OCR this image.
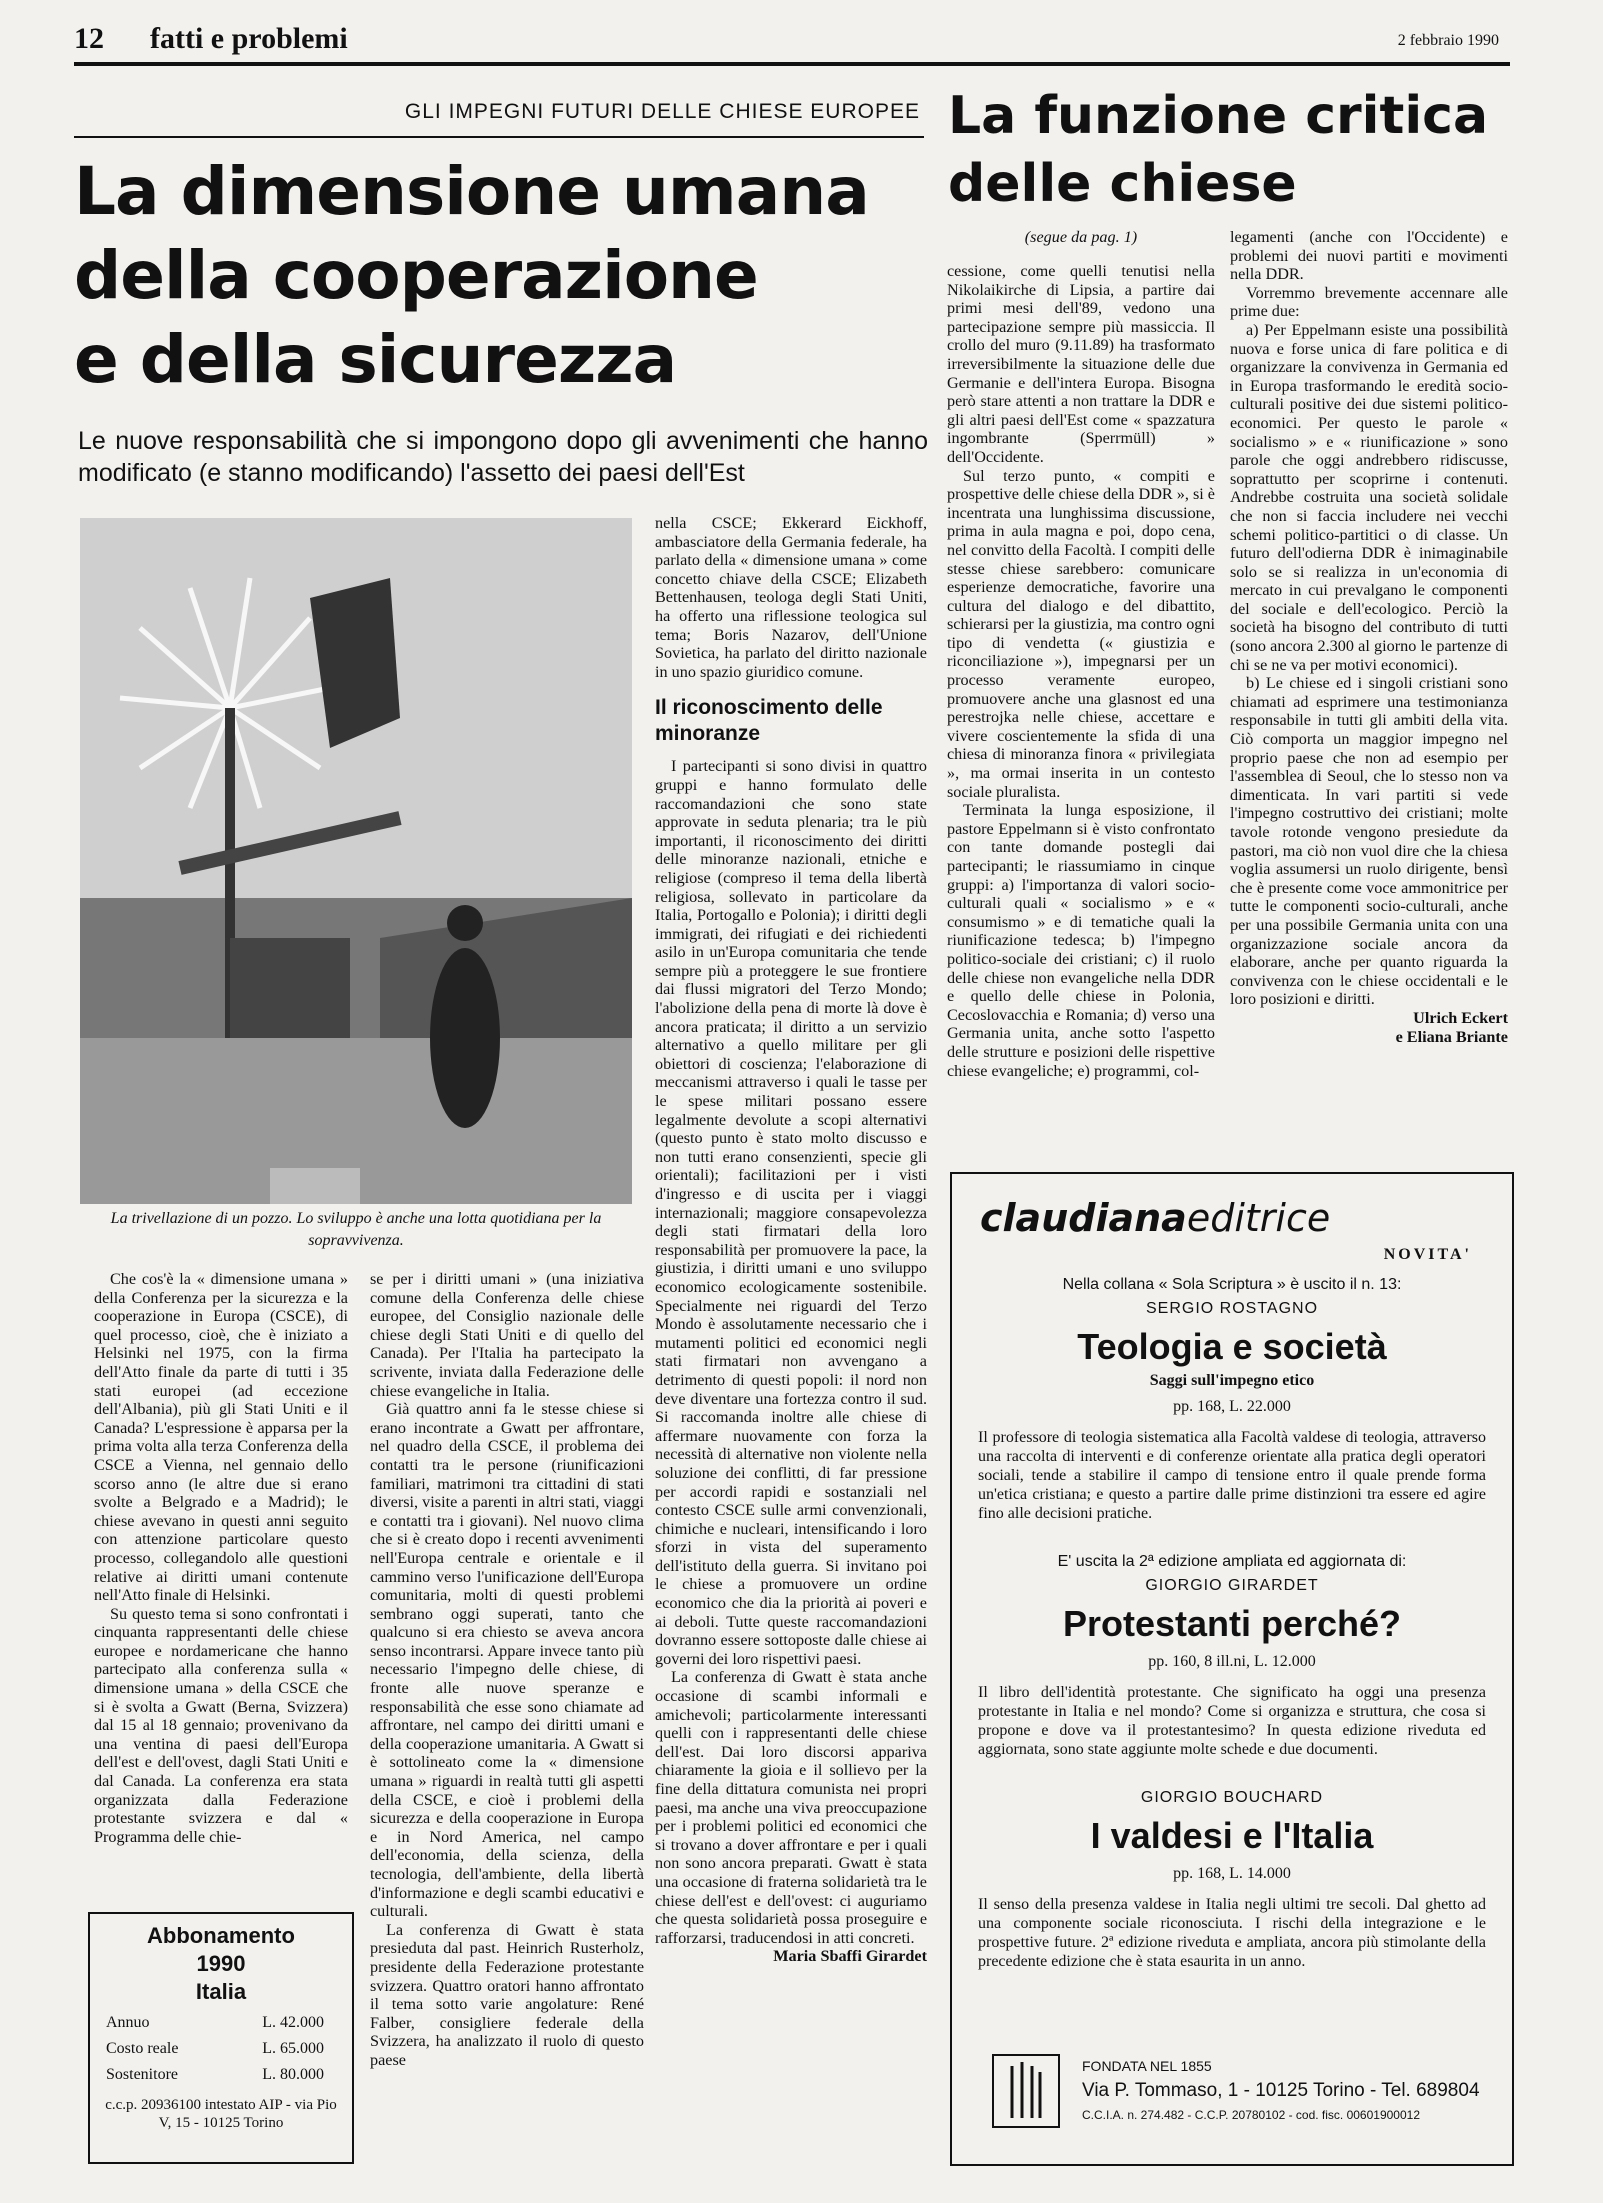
12 fatti e problemi	2 febbraio 1990
GLI IMPEGNI FUTURI DELLE CHIESE EUROPEE
La dimensione umana
della cooperazione
e della sicurezza
Le nuove responsabilità che si impongono dopo gli avvenimenti che hanno modificato (e stanno modificando) l'assetto dei paesi dell'Est
La funzione critica
delle chiese
La trivellazione di un pozzo. Lo sviluppo è anche una lotta quotidiana per la sopravvivenza.

Che cos'è la « dimensione umana » della Conferenza per la sicurezza e la cooperazione in Europa (CSCE), di quel processo, cioè, che è iniziato a Helsinki nel 1975, con la firma dell'Atto finale da parte di tutti i 35 stati europei (ad eccezione dell'Albania), più gli Stati Uniti e il Canada? L'espressione è apparsa per la prima volta alla terza Conferenza della CSCE a Vienna, nel gennaio dello scorso anno (le altre due si erano svolte a Belgrado e a Madrid); le chiese avevano in questi anni seguito con attenzione particolare questo processo, collegandolo alle questioni relative ai diritti umani contenute nell'Atto finale di Helsinki.

Su questo tema si sono confrontati i cinquanta rappresentanti delle chiese europee e nordamericane che hanno partecipato alla conferenza sulla « dimensione umana » della CSCE che si è svolta a Gwatt (Berna, Svizzera) dal 15 al 18 gennaio; provenivano da una ventina di paesi dell'Europa dell'est e dell'ovest, dagli Stati Uniti e dal Canada. La conferenza era stata organizzata dalla Federazione protestante svizzera e dal « Programma delle chie-

se per i diritti umani » (una iniziativa comune della Conferenza delle chiese europee, del Consiglio nazionale delle chiese degli Stati Uniti e di quello del Canada). Per l'Italia ha partecipato la scrivente, inviata dalla Federazione delle chiese evangeliche in Italia.

Già quattro anni fa le stesse chiese si erano incontrate a Gwatt per affrontare, nel quadro della CSCE, il problema dei contatti tra le persone (riunificazioni familiari, matrimoni tra cittadini di stati diversi, visite a parenti in altri stati, viaggi e contatti tra i giovani). Nel nuovo clima che si è creato dopo i recenti avvenimenti nell'Europa centrale e orientale e il cammino verso l'unificazione dell'Europa comunitaria, molti di questi problemi sembrano oggi superati, tanto che qualcuno si era chiesto se aveva ancora senso incontrarsi. Appare invece tanto più necessario l'impegno delle chiese, di fronte alle nuove speranze e responsabilità che esse sono chiamate ad affrontare, nel campo dei diritti umani e della cooperazione umanitaria. A Gwatt si è sottolineato come la « dimensione umana » riguardi in realtà tutti gli aspetti della CSCE, e cioè i problemi della sicurezza e della cooperazione in Europa e in Nord America, nel campo dell'economia, della scienza, della tecnologia, dell'ambiente, della libertà d'informazione e degli scambi educativi e culturali.

La conferenza di Gwatt è stata presieduta dal past. Heinrich Rusterholz, presidente della Federazione protestante svizzera. Quattro oratori hanno affrontato il tema sotto varie angolature: René Falber, consigliere federale della Svizzera, ha analizzato il ruolo di questo paese

nella CSCE; Ekkerard Eickhoff, ambasciatore della Germania federale, ha parlato della « dimensione umana » come concetto chiave della CSCE; Elizabeth Bettenhausen, teologa degli Stati Uniti, ha offerto una riflessione teologica sul tema; Boris Nazarov, dell'Unione Sovietica, ha parlato del diritto nazionale in uno spazio giuridico comune.

Il riconoscimento delle minoranze

I partecipanti si sono divisi in quattro gruppi e hanno formulato delle raccomandazioni che sono state approvate in seduta plenaria; tra le più importanti, il riconoscimento dei diritti delle minoranze nazionali, etniche e religiose (compreso il tema della libertà religiosa, sollevato in particolare da Italia, Portogallo e Polonia); i diritti degli immigrati, dei rifugiati e dei richiedenti asilo in un'Europa comunitaria che tende sempre più a proteggere le sue frontiere dai flussi migratori del Terzo Mondo; l'abolizione della pena di morte là dove è ancora praticata; il diritto a un servizio alternativo a quello militare per gli obiettori di coscienza; l'elaborazione di meccanismi attraverso i quali le tasse per le spese militari possano essere legalmente devolute a scopi alternativi (questo punto è stato molto discusso e non tutti erano consenzienti, specie gli orientali); facilitazioni per i visti d'ingresso e di uscita per i viaggi internazionali; maggiore consapevolezza degli stati firmatari della loro responsabilità per promuovere la pace, la giustizia, i diritti umani e uno sviluppo economico ecologicamente sostenibile. Specialmente nei riguardi del Terzo Mondo è assolutamente necessario che i mutamenti politici ed economici negli stati firmatari non avvengano a detrimento di questi popoli: il nord non deve diventare una fortezza contro il sud. Si raccomanda inoltre alle chiese di affermare nuovamente con forza la necessità di alternative non violente nella soluzione dei conflitti, di far pressione per accordi rapidi e sostanziali nel contesto CSCE sulle armi convenzionali, chimiche e nucleari, intensificando i loro sforzi in vista del superamento dell'istituto della guerra. Si invitano poi le chiese a promuovere un ordine economico che dia la priorità ai poveri e ai deboli. Tutte queste raccomandazioni dovranno essere sottoposte dalle chiese ai governi dei loro rispettivi paesi.

La conferenza di Gwatt è stata anche occasione di scambi informali e amichevoli; particolarmente interessanti quelli con i rappresentanti delle chiese dell'est. Dai loro discorsi appariva chiaramente la gioia e il sollievo per la fine della dittatura comunista nei propri paesi, ma anche una viva preoccupazione per i problemi politici ed economici che si trovano a dover affrontare e per i quali non sono ancora preparati. Gwatt è stata una occasione di fraterna solidarietà tra le chiese dell'est e dell'ovest: ci auguriamo che questa solidarietà possa proseguire e rafforzarsi, traducendosi in atti concreti.

Maria Sbaffi Girardet
Abbonamento
1990
Italia
Annuo	L. 42.000
Costo reale	L. 65.000
Sostenitore	L. 80.000
c.c.p. 20936100 intestato AIP - via Pio V, 15 - 10125 Torino
(segue da pag. 1)

cessione, come quelli tenutisi nella Nikolaikirche di Lipsia, a partire dai primi mesi dell'89, vedono una partecipazione sempre più massiccia. Il crollo del muro (9.11.89) ha trasformato irreversibilmente la situazione delle due Germanie e dell'intera Europa. Bisogna però stare attenti a non trattare la DDR e gli altri paesi dell'Est come « spazzatura ingombrante (Sperrmüll) » dell'Occidente.

Sul terzo punto, « compiti e prospettive delle chiese della DDR », si è incentrata una lunghissima discussione, prima in aula magna e poi, dopo cena, nel convitto della Facoltà. I compiti delle stesse chiese sarebbero: comunicare esperienze democratiche, favorire una cultura del dialogo e del dibattito, schierarsi per la giustizia, ma contro ogni tipo di vendetta (« giustizia e riconciliazione »), impegnarsi per un processo veramente europeo, promuovere anche una glasnost ed una perestrojka nelle chiese, accettare e vivere coscientemente la sfida di una chiesa di minoranza finora « privilegiata », ma ormai inserita in un contesto sociale pluralista.

Terminata la lunga esposizione, il pastore Eppelmann si è visto confrontato con tante domande postegli dai partecipanti; le riassumiamo in cinque gruppi: a) l'importanza di valori socio-culturali quali « socialismo » e « consumismo » e di tematiche quali la riunificazione tedesca; b) l'impegno politico-sociale dei cristiani; c) il ruolo delle chiese non evangeliche nella DDR e quello delle chiese in Polonia, Cecoslovacchia e Romania; d) verso una Germania unita, anche sotto l'aspetto delle strutture e posizioni delle rispettive chiese evangeliche; e) programmi, col-

legamenti (anche con l'Occidente) e problemi dei nuovi partiti e movimenti nella DDR.

Vorremmo brevemente accennare alle prime due:

a) Per Eppelmann esiste una possibilità nuova e forse unica di fare politica e di organizzare la convivenza in Germania ed in Europa trasformando le eredità socio-culturali positive dei due sistemi politico-economici. Per questo le parole « socialismo » e « riunificazione » sono parole che oggi andrebbero ridiscusse, soprattutto per scoprirne i contenuti. Andrebbe costruita una società solidale che non si faccia includere nei vecchi schemi politico-partitici o di classe. Un futuro dell'odierna DDR è inimaginabile solo se si realizza in un'economia di mercato in cui prevalgano le componenti del sociale e dell'ecologico. Perciò la società ha bisogno del contributo di tutti (sono ancora 2.300 al giorno le partenze di chi se ne va per motivi economici).

b) Le chiese ed i singoli cristiani sono chiamati ad esprimere una testimonianza responsabile in tutti gli ambiti della vita. Ciò comporta un maggior impegno nel proprio paese che non ad esempio per l'assemblea di Seoul, che lo stesso non va dimenticata. In vari partiti si vede l'impegno costruttivo dei cristiani; molte tavole rotonde vengono presiedute da pastori, ma ciò non vuol dire che la chiesa voglia assumersi un ruolo dirigente, bensì che è presente come voce ammonitrice per tutte le componenti socio-culturali, anche per una possibile Germania unita con una organizzazione sociale ancora da elaborare, anche per quanto riguarda la convivenza con le chiese occidentali e le loro posizioni e diritti.

Ulrich Eckert
e Eliana Briante
claudianaeditrice
NOVITA'
Nella collana « Sola Scriptura » è uscito il n. 13:
SERGIO ROSTAGNO
Teologia e società
Saggi sull'impegno etico
pp. 168, L. 22.000
Il professore di teologia sistematica alla Facoltà valdese di teologia, attraverso una raccolta di interventi e di conferenze orientate alla pratica degli operatori sociali, tende a stabilire il campo di tensione entro il quale prende forma un'etica cristiana; e questo a partire dalle prime distinzioni tra essere ed agire fino alle decisioni pratiche.
E' uscita la 2ª edizione ampliata ed aggiornata di:
GIORGIO GIRARDET
Protestanti perché?
pp. 160, 8 ill.ni, L. 12.000
Il libro dell'identità protestante. Che significato ha oggi una presenza protestante in Italia e nel mondo? Come si organizza e struttura, che cosa si propone e dove va il protestantesimo? In questa edizione riveduta ed aggiornata, sono state aggiunte molte schede e due documenti.
GIORGIO BOUCHARD
I valdesi e l'Italia
pp. 168, L. 14.000
Il senso della presenza valdese in Italia negli ultimi tre secoli. Dal ghetto ad una componente sociale riconosciuta. I rischi della integrazione e le prospettive future. 2ª edizione riveduta e ampliata, ancora più stimolante della precedente edizione che è stata esaurita in un anno.
FONDATA NEL 1855
Via P. Tommaso, 1 - 10125 Torino - Tel. 689804
C.C.I.A. n. 274.482 - C.C.P. 20780102 - cod. fisc. 00601900012
